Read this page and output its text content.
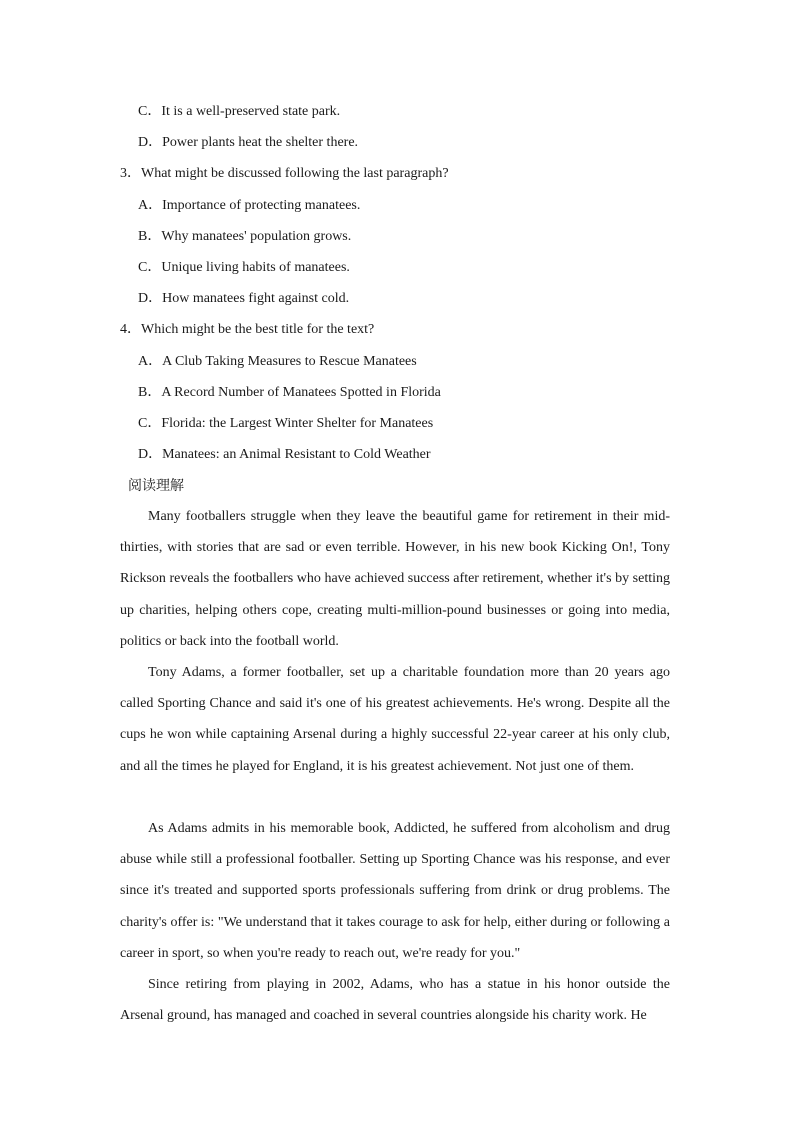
C．It is a well-preserved state park.
D．Power plants heat the shelter there.
3．What might be discussed following the last paragraph?
A．Importance of protecting manatees.
B．Why manatees' population grows.
C．Unique living habits of manatees.
D．How manatees fight against cold.
4．Which might be the best title for the text?
A．A Club Taking Measures to Rescue Manatees
B．A Record Number of Manatees Spotted in Florida
C．Florida: the Largest Winter Shelter for Manatees
D．Manatees: an Animal Resistant to Cold Weather
阅读理解

Many footballers struggle when they leave the beautiful game for retirement in their mid-thirties, with stories that are sad or even terrible. However, in his new book Kicking On!, Tony Rickson reveals the footballers who have achieved success after retirement, whether it's by setting up charities, helping others cope, creating multi-million-pound businesses or going into media, politics or back into the football world.

Tony Adams, a former footballer, set up a charitable foundation more than 20 years ago called Sporting Chance and said it's one of his greatest achievements. He's wrong. Despite all the cups he won while captaining Arsenal during a highly successful 22-year career at his only club, and all the times he played for England, it is his greatest achievement. Not just one of them.

As Adams admits in his memorable book, Addicted, he suffered from alcoholism and drug abuse while still a professional footballer. Setting up Sporting Chance was his response, and ever since it's treated and supported sports professionals suffering from drink or drug problems. The charity's offer is: "We understand that it takes courage to ask for help, either during or following a career in sport, so when you're ready to reach out, we're ready for you."

Since retiring from playing in 2002, Adams, who has a statue in his honor outside the Arsenal ground, has managed and coached in several countries alongside his charity work. He
